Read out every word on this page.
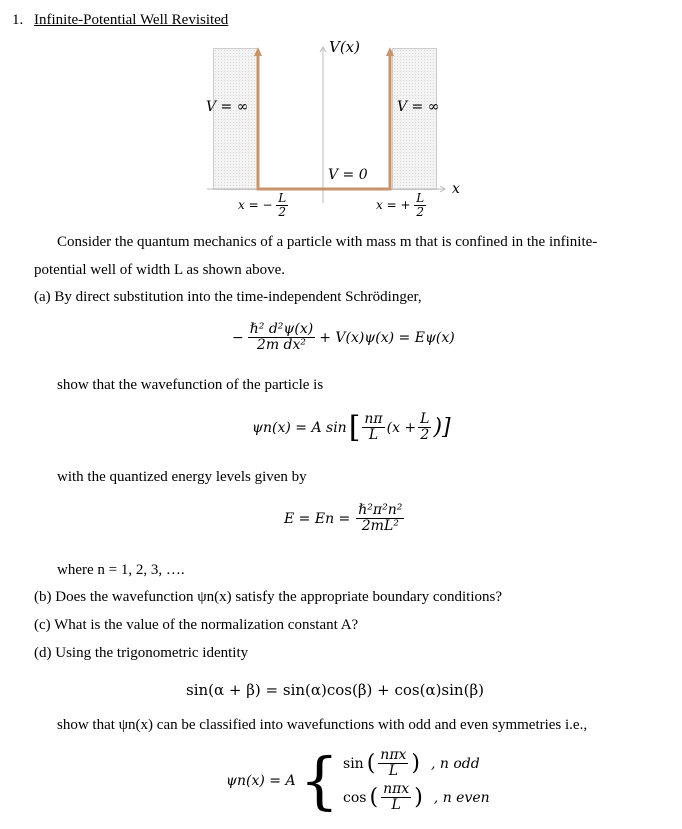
1. Infinite-Potential Well Revisited
V(x)
x
V = ∞	V = ∞
V = 0
x = − $\frac{L}{2}$	x = + $\frac{L}{2}$
Consider the quantum mechanics of a particle with mass m that is confined in the infinite-
potential well of width L as shown above.
(a) By direct substitution into the time-independent Schrödinger,
− $\frac{\text{ℏ² d²ψ(x)}}{\text{2m dx²}} + V(x)\psi(x) = E\psi(x)$
show that the wavefunction of the particle is
ψn(x) = A sin [ $\frac{n\pi}{L} (x + \frac{L}{2}$ )]
with the quantized energy levels given by
$E = En = \frac{\text{ℏ²π²n²}}{\text{2mL²}}$
where n = 1, 2, 3, ….
(b) Does the wavefunction ψn(x) satisfy the appropriate boundary conditions?
(c) What is the value of the normalization constant A?
(d) Using the trigonometric identity
sin(α + β) = sin(α)cos(β) + cos(α)sin(β)
show that ψn(x) can be classified into wavefunctions with odd and even symmetries i.e.,
ψn(x) = A { sin ( $\frac{\text{nπx}}{L}$ ) , n odd
cos ( $\frac{\text{nπx}}{L}$ ) , n even
